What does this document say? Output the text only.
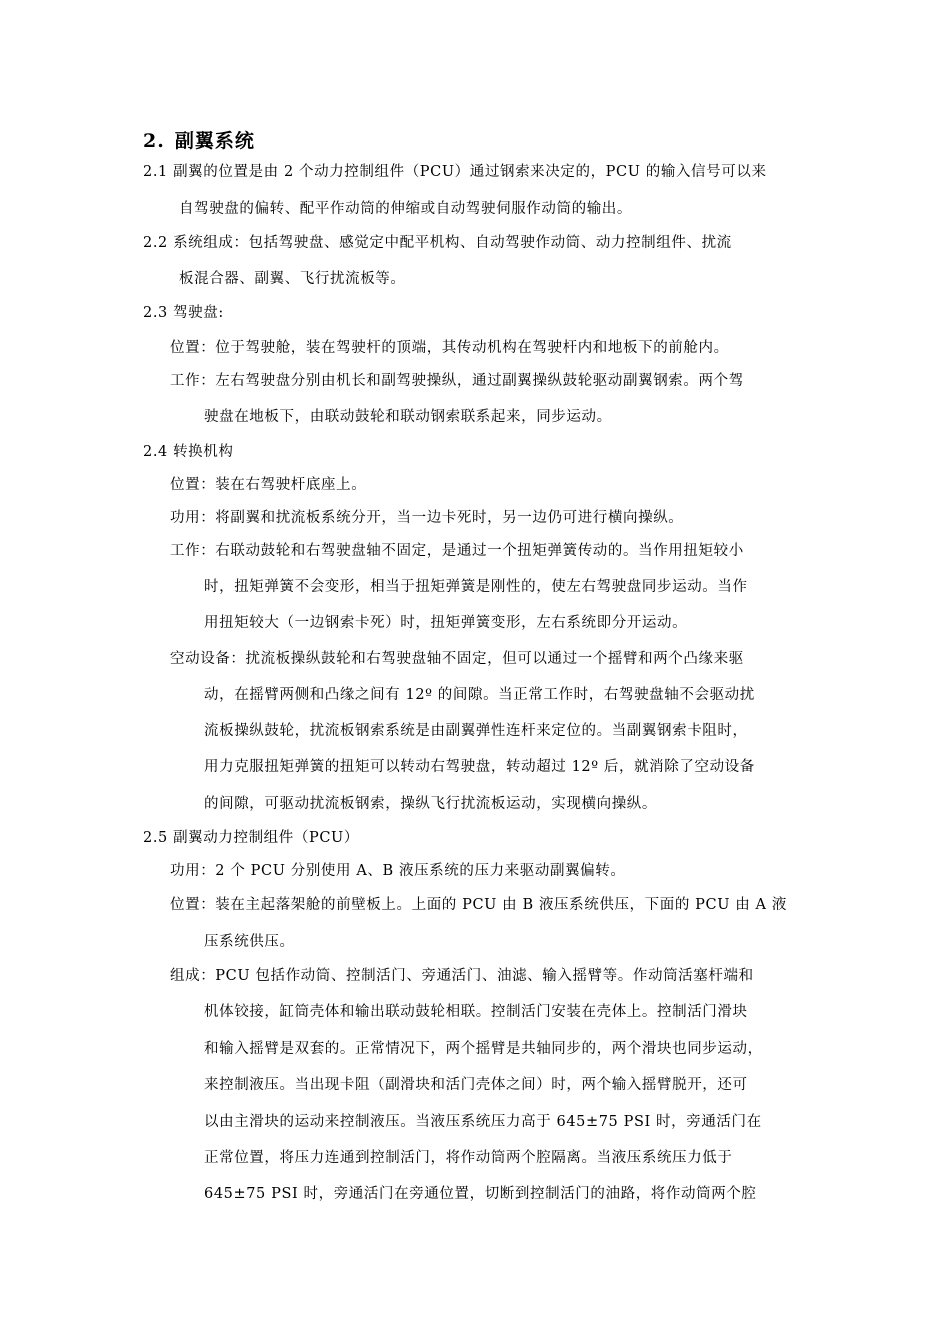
2. 副翼系统
2.1 副翼的位置是由 2 个动力控制组件（PCU）通过钢索来决定的，PCU 的输入信号可以来
自驾驶盘的偏转、配平作动筒的伸缩或自动驾驶伺服作动筒的输出。
2.2 系统组成：包括驾驶盘、感觉定中配平机构、自动驾驶作动筒、动力控制组件、扰流
板混合器、副翼、飞行扰流板等。
2.3 驾驶盘:
位置：位于驾驶舱，装在驾驶杆的顶端，其传动机构在驾驶杆内和地板下的前舱内。
工作：左右驾驶盘分别由机长和副驾驶操纵，通过副翼操纵鼓轮驱动副翼钢索。两个驾
驶盘在地板下，由联动鼓轮和联动钢索联系起来，同步运动。
2.4 转换机构
位置：装在右驾驶杆底座上。
功用：将副翼和扰流板系统分开，当一边卡死时，另一边仍可进行横向操纵。
工作：右联动鼓轮和右驾驶盘轴不固定，是通过一个扭矩弹簧传动的。当作用扭矩较小
时，扭矩弹簧不会变形，相当于扭矩弹簧是刚性的，使左右驾驶盘同步运动。当作
用扭矩较大（一边钢索卡死）时，扭矩弹簧变形，左右系统即分开运动。
空动设备：扰流板操纵鼓轮和右驾驶盘轴不固定，但可以通过一个摇臂和两个凸缘来驱
动，在摇臂两侧和凸缘之间有 12º 的间隙。当正常工作时，右驾驶盘轴不会驱动扰
流板操纵鼓轮，扰流板钢索系统是由副翼弹性连杆来定位的。当副翼钢索卡阻时，
用力克服扭矩弹簧的扭矩可以转动右驾驶盘，转动超过 12º 后，就消除了空动设备
的间隙，可驱动扰流板钢索，操纵飞行扰流板运动，实现横向操纵。
2.5 副翼动力控制组件（PCU）
功用：2 个 PCU 分别使用 A、B 液压系统的压力来驱动副翼偏转。
位置：装在主起落架舱的前壁板上。上面的 PCU 由 B 液压系统供压，下面的 PCU 由 A 液
压系统供压。
组成：PCU 包括作动筒、控制活门、旁通活门、油滤、输入摇臂等。作动筒活塞杆端和
机体铰接，缸筒壳体和输出联动鼓轮相联。控制活门安装在壳体上。控制活门滑块
和输入摇臂是双套的。正常情况下，两个摇臂是共轴同步的，两个滑块也同步运动，
来控制液压。当出现卡阻（副滑块和活门壳体之间）时，两个输入摇臂脱开，还可
以由主滑块的运动来控制液压。当液压系统压力高于 645±75 PSI 时，旁通活门在
正常位置，将压力连通到控制活门，将作动筒两个腔隔离。当液压系统压力低于
645±75 PSI 时，旁通活门在旁通位置，切断到控制活门的油路，将作动筒两个腔
